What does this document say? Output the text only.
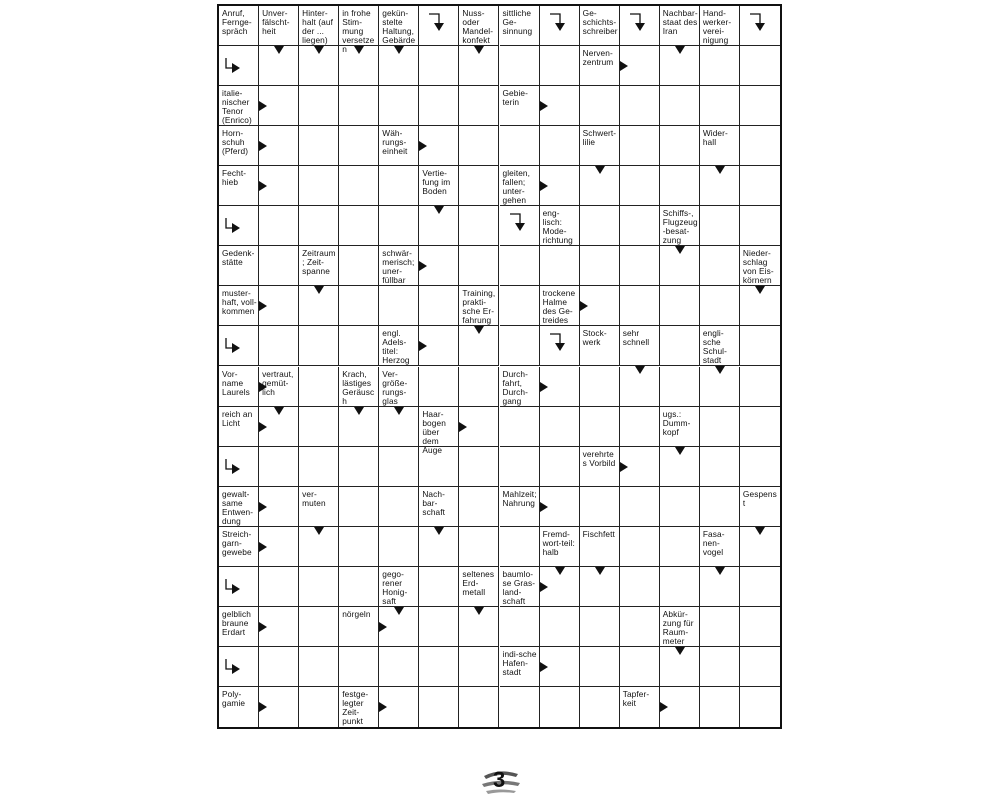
Anruf, Fernge-spräch
Unver-fälscht-heit
Hinter-halt (auf der ... liegen)
in frohe Stim-mung versetzen
gekün-stelte Haltung, Gebärde
Nuss-oder Mandel-konfekt
sittliche Ge-sinnung
Ge-schichts-schreiber
Nachbar-staat des Iran
Hand-werker-verei-nigung
Nerven-zentrum
italie-nischer Tenor (Enrico)
Gebie-terin
Horn-schuh (Pferd)
Wäh-rungs-einheit
Schwert-lilie
Wider-hall
Fecht-hieb
Vertie-fung im Boden
gleiten, fallen; unter-gehen
eng-lisch: Mode-richtung
Schiffs-, Flugzeug-besat-zung
Gedenk-stätte
Zeitraum; Zeit-spanne
schwär-merisch; uner-füllbar
Nieder-schlag von Eis-körnern
muster-haft, voll-kommen
Training, prakti-sche Er-fahrung
trockene Halme des Ge-treides
engl. Adels-titel: Herzog
Stock-werk
sehr schnell
engli-sche Schul-stadt
Vor-name Laurels
vertraut, gemüt-lich
Krach, lästiges Geräusch
Ver-größe-rungs-glas
Durch-fahrt, Durch-gang
reich an Licht
Haar-bogen über dem Auge
ugs.: Dumm-kopf
verehrtes Vorbild
gewalt-same Entwen-dung
ver-muten
Nach-bar-schaft
Mahlzeit; Nahrung
Gespenst
Streich-garn-gewebe
Fremd-wort-teil: halb
Fischfett	Fasa-nen-vogel
gego-rener Honig-saft
seltenes Erd-metall
baumlo-se Gras-land-schaft
gelblich braune Erdart
nörgeln	Abkür-zung für Raum-meter
indi-sche Hafen-stadt
Poly-gamie
festge-legter Zeit-punkt
Tapfer-keit
3
